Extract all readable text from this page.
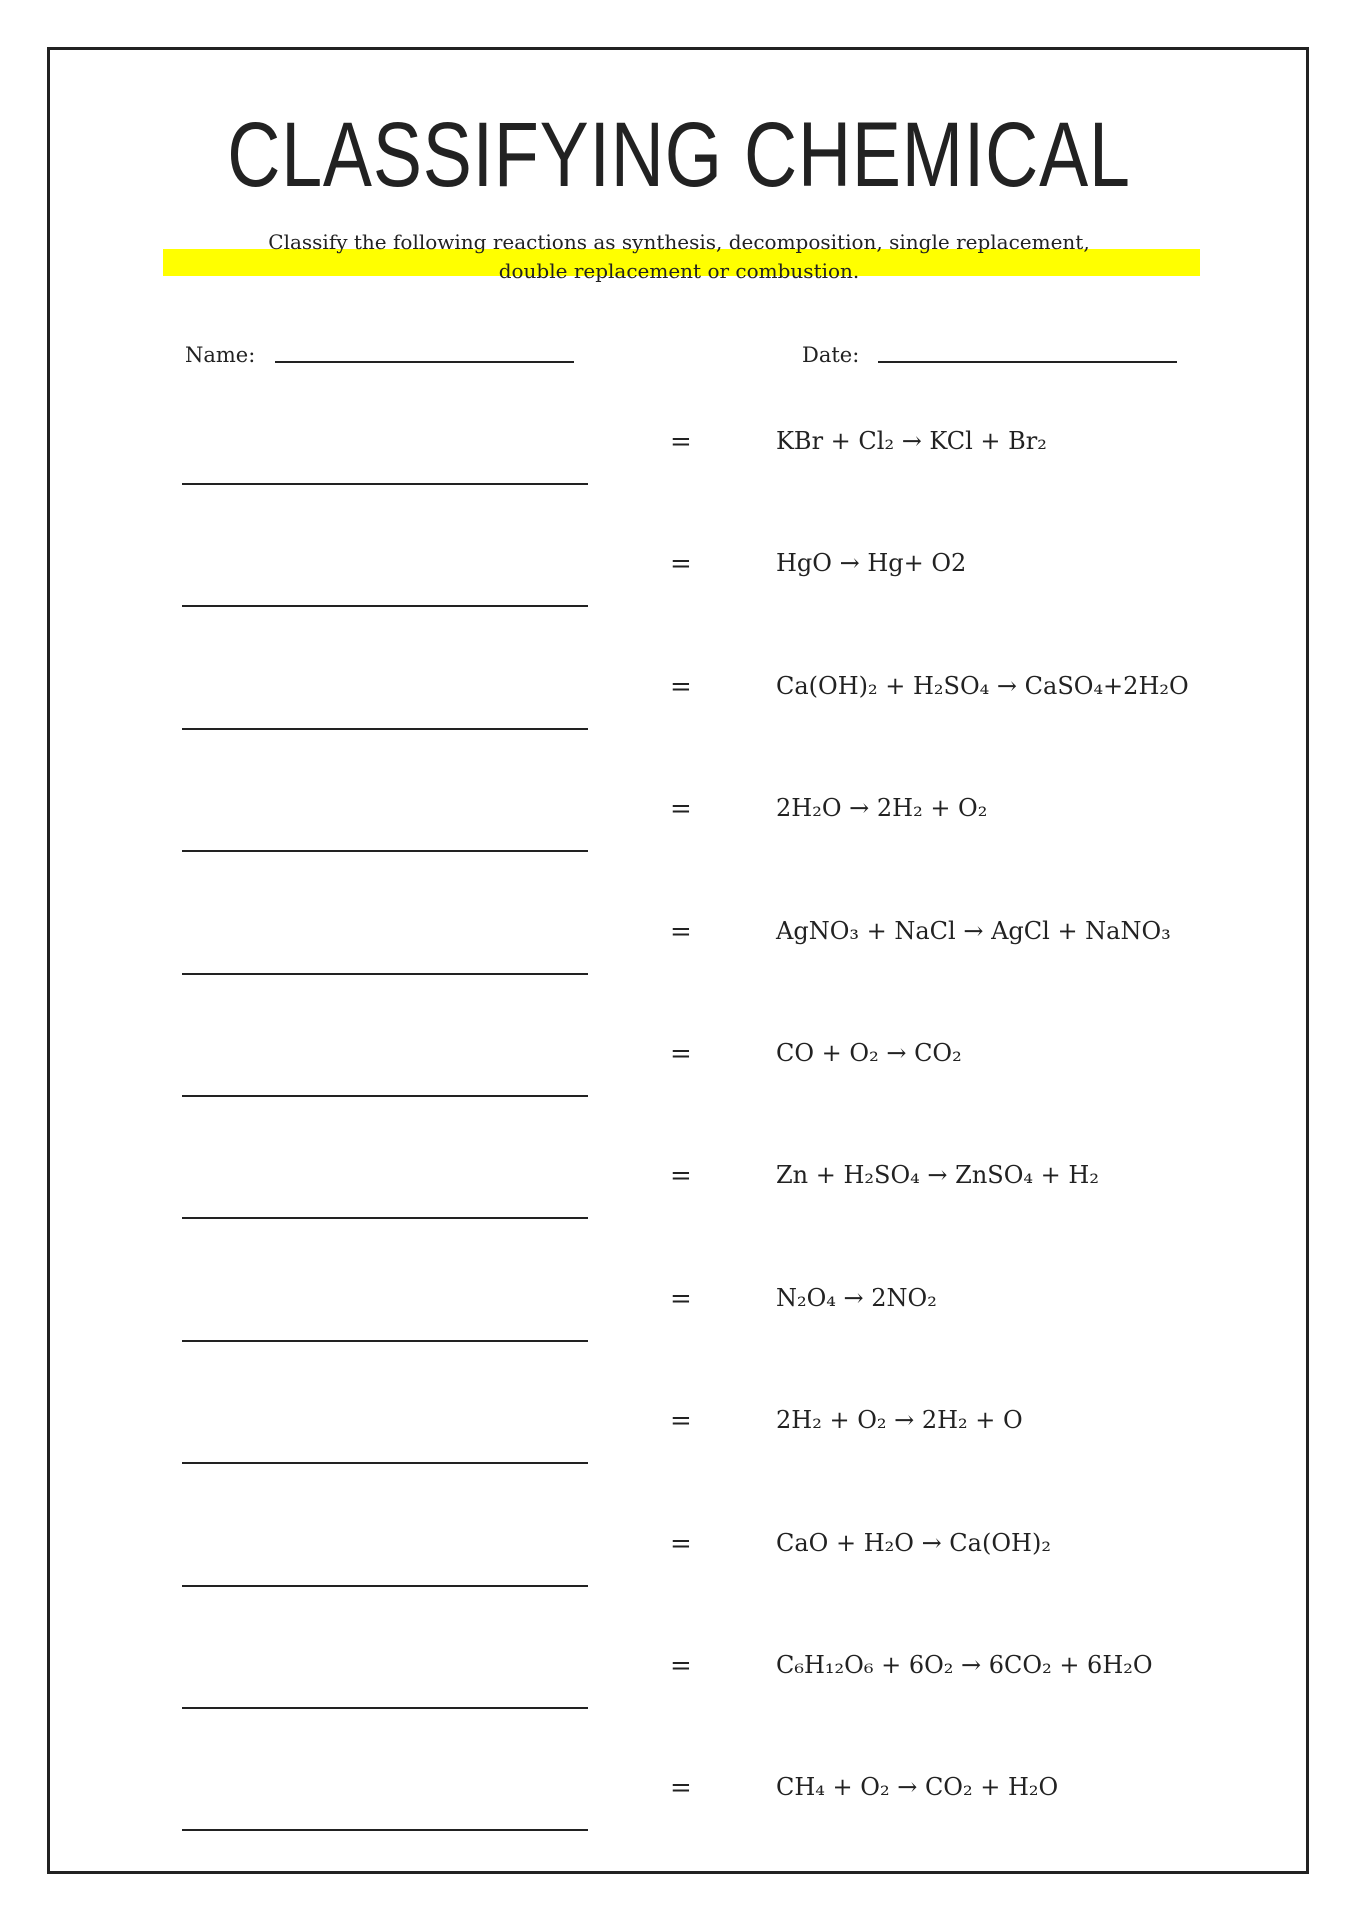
CLASSIFYING CHEMICAL
Classify the following reactions as synthesis, decomposition, single replacement,
double replacement or combustion.
Name:	Date:
=	KBr + Cl₂ → KCl + Br₂
=	HgO → Hg+ O2
=	Ca(OH)₂ + H₂SO₄ → CaSO₄+2H₂O
=	2H₂O → 2H₂ + O₂
=	AgNO₃ + NaCl → AgCl + NaNO₃
=	CO + O₂ → CO₂
=	Zn + H₂SO₄ → ZnSO₄ + H₂
=	N₂O₄ → 2NO₂
=	2H₂ + O₂ → 2H₂ + O
=	CaO + H₂O → Ca(OH)₂
=	C₆H₁₂O₆ + 6O₂ → 6CO₂ + 6H₂O
=	CH₄ + O₂ → CO₂ + H₂O
